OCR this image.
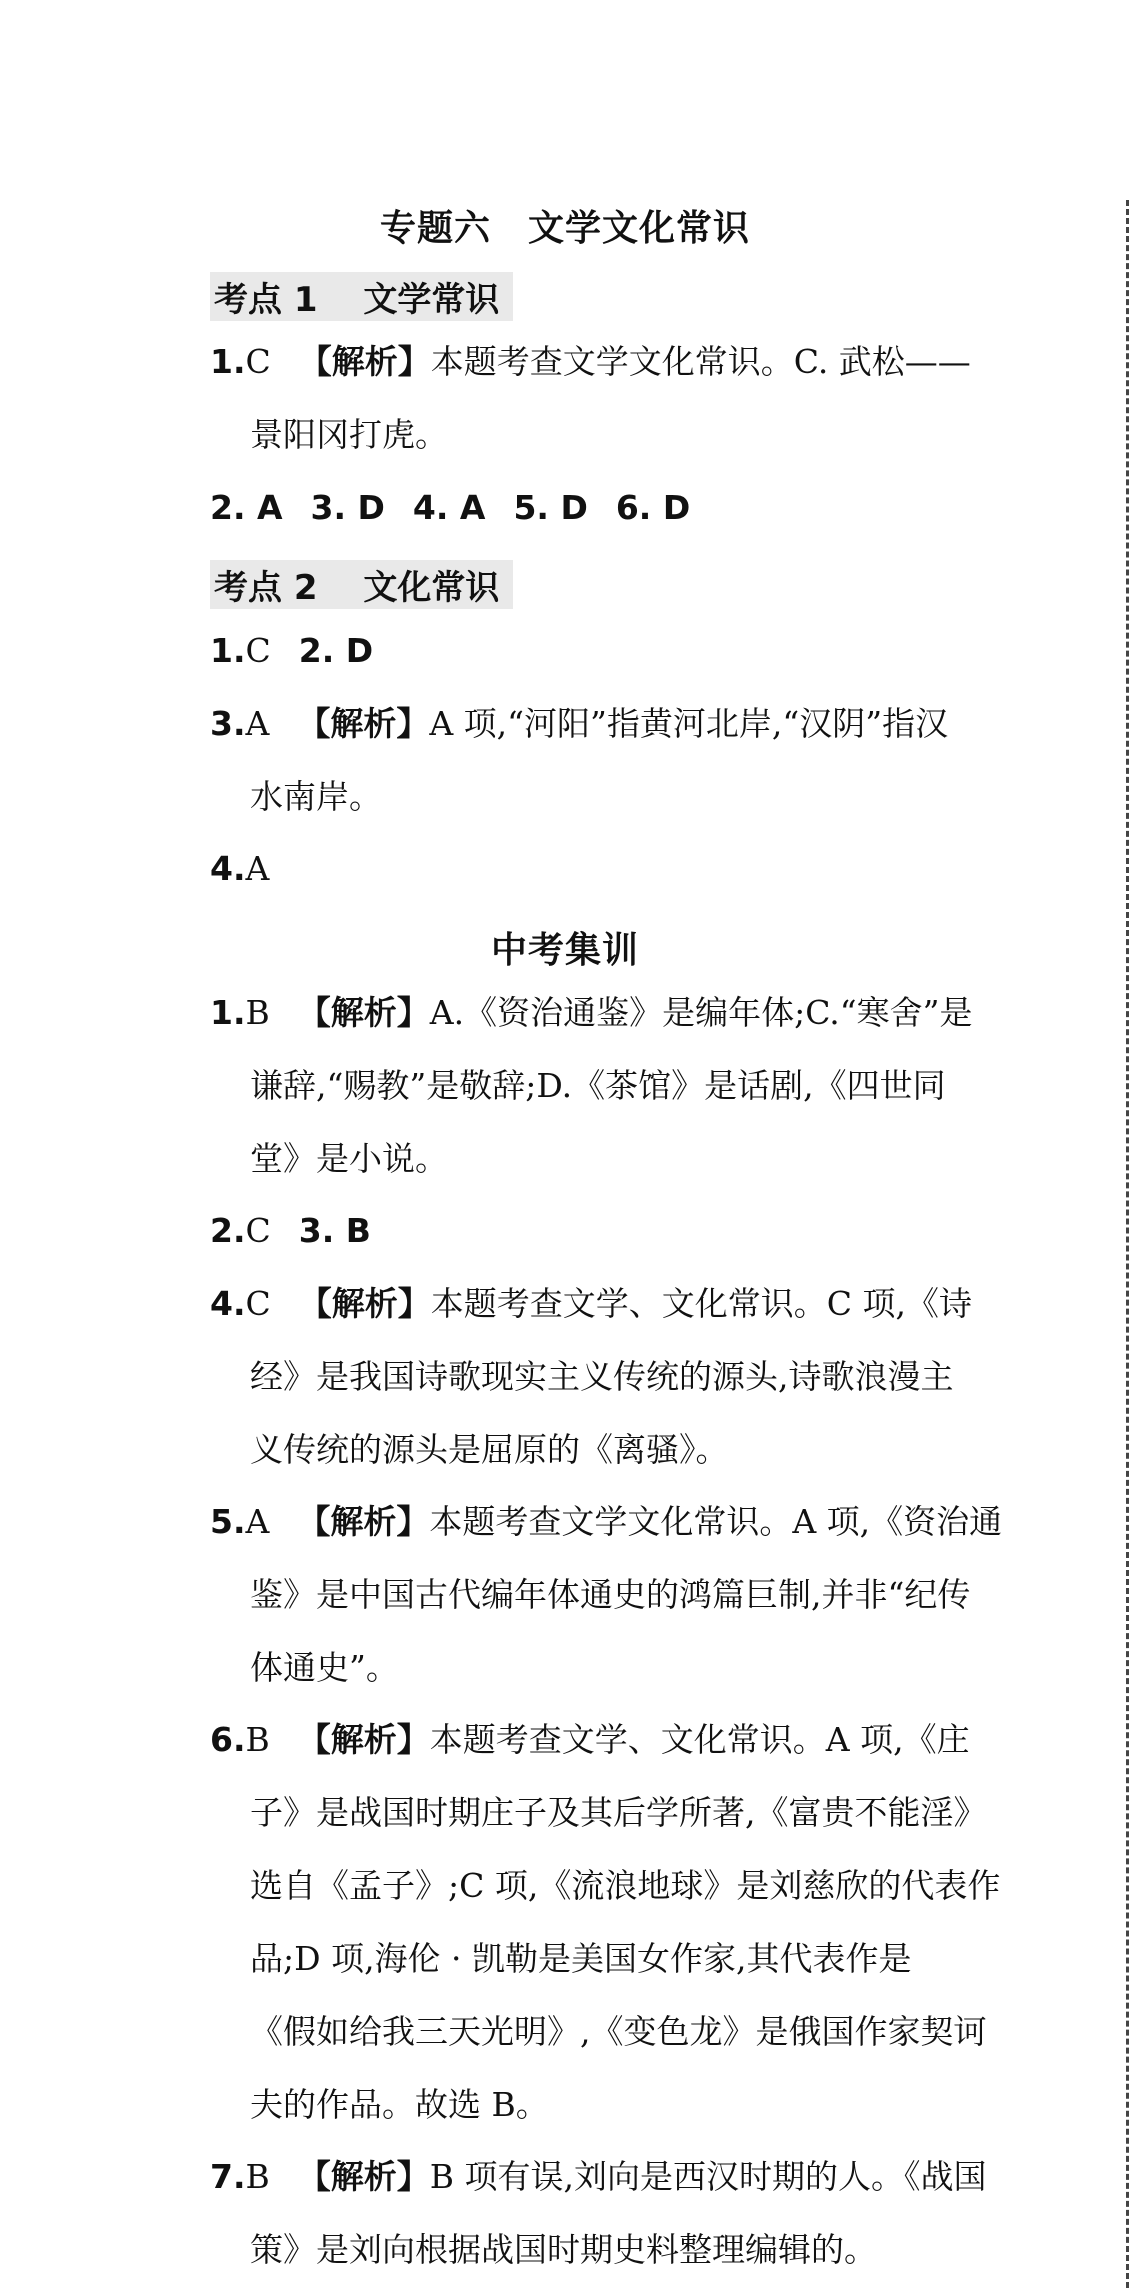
专题六　文学文化常识
考点 1　 文学常识
1.C 【解析】本题考查文学文化常识。C. 武松——
景阳冈打虎。
2. A 3. D 4. A 5. D 6. D
考点 2　 文化常识
1.C 2. D
3.A 【解析】A 项,“河阳”指黄河北岸,“汉阴”指汉
水南岸。
4.A
中考集训
1.B 【解析】A.《资治通鉴》是编年体;C.“寒舍”是
谦辞,“赐教”是敬辞;D.《茶馆》是话剧,《四世同
堂》是小说。
2.C 3. B
4.C 【解析】本题考查文学、文化常识。C 项,《诗
经》是我国诗歌现实主义传统的源头,诗歌浪漫主
义传统的源头是屈原的《离骚》。
5.A 【解析】本题考查文学文化常识。A 项,《资治通
鉴》是中国古代编年体通史的鸿篇巨制,并非“纪传
体通史”。
6.B 【解析】本题考查文学、文化常识。A 项,《庄
子》是战国时期庄子及其后学所著,《富贵不能淫》
选自《孟子》;C 项,《流浪地球》是刘慈欣的代表作
品;D 项,海伦 · 凯勒是美国女作家,其代表作是
《假如给我三天光明》,《变色龙》是俄国作家契诃
夫的作品。故选 B。
7.B 【解析】B 项有误,刘向是西汉时期的人。《战国
策》是刘向根据战国时期史料整理编辑的。
